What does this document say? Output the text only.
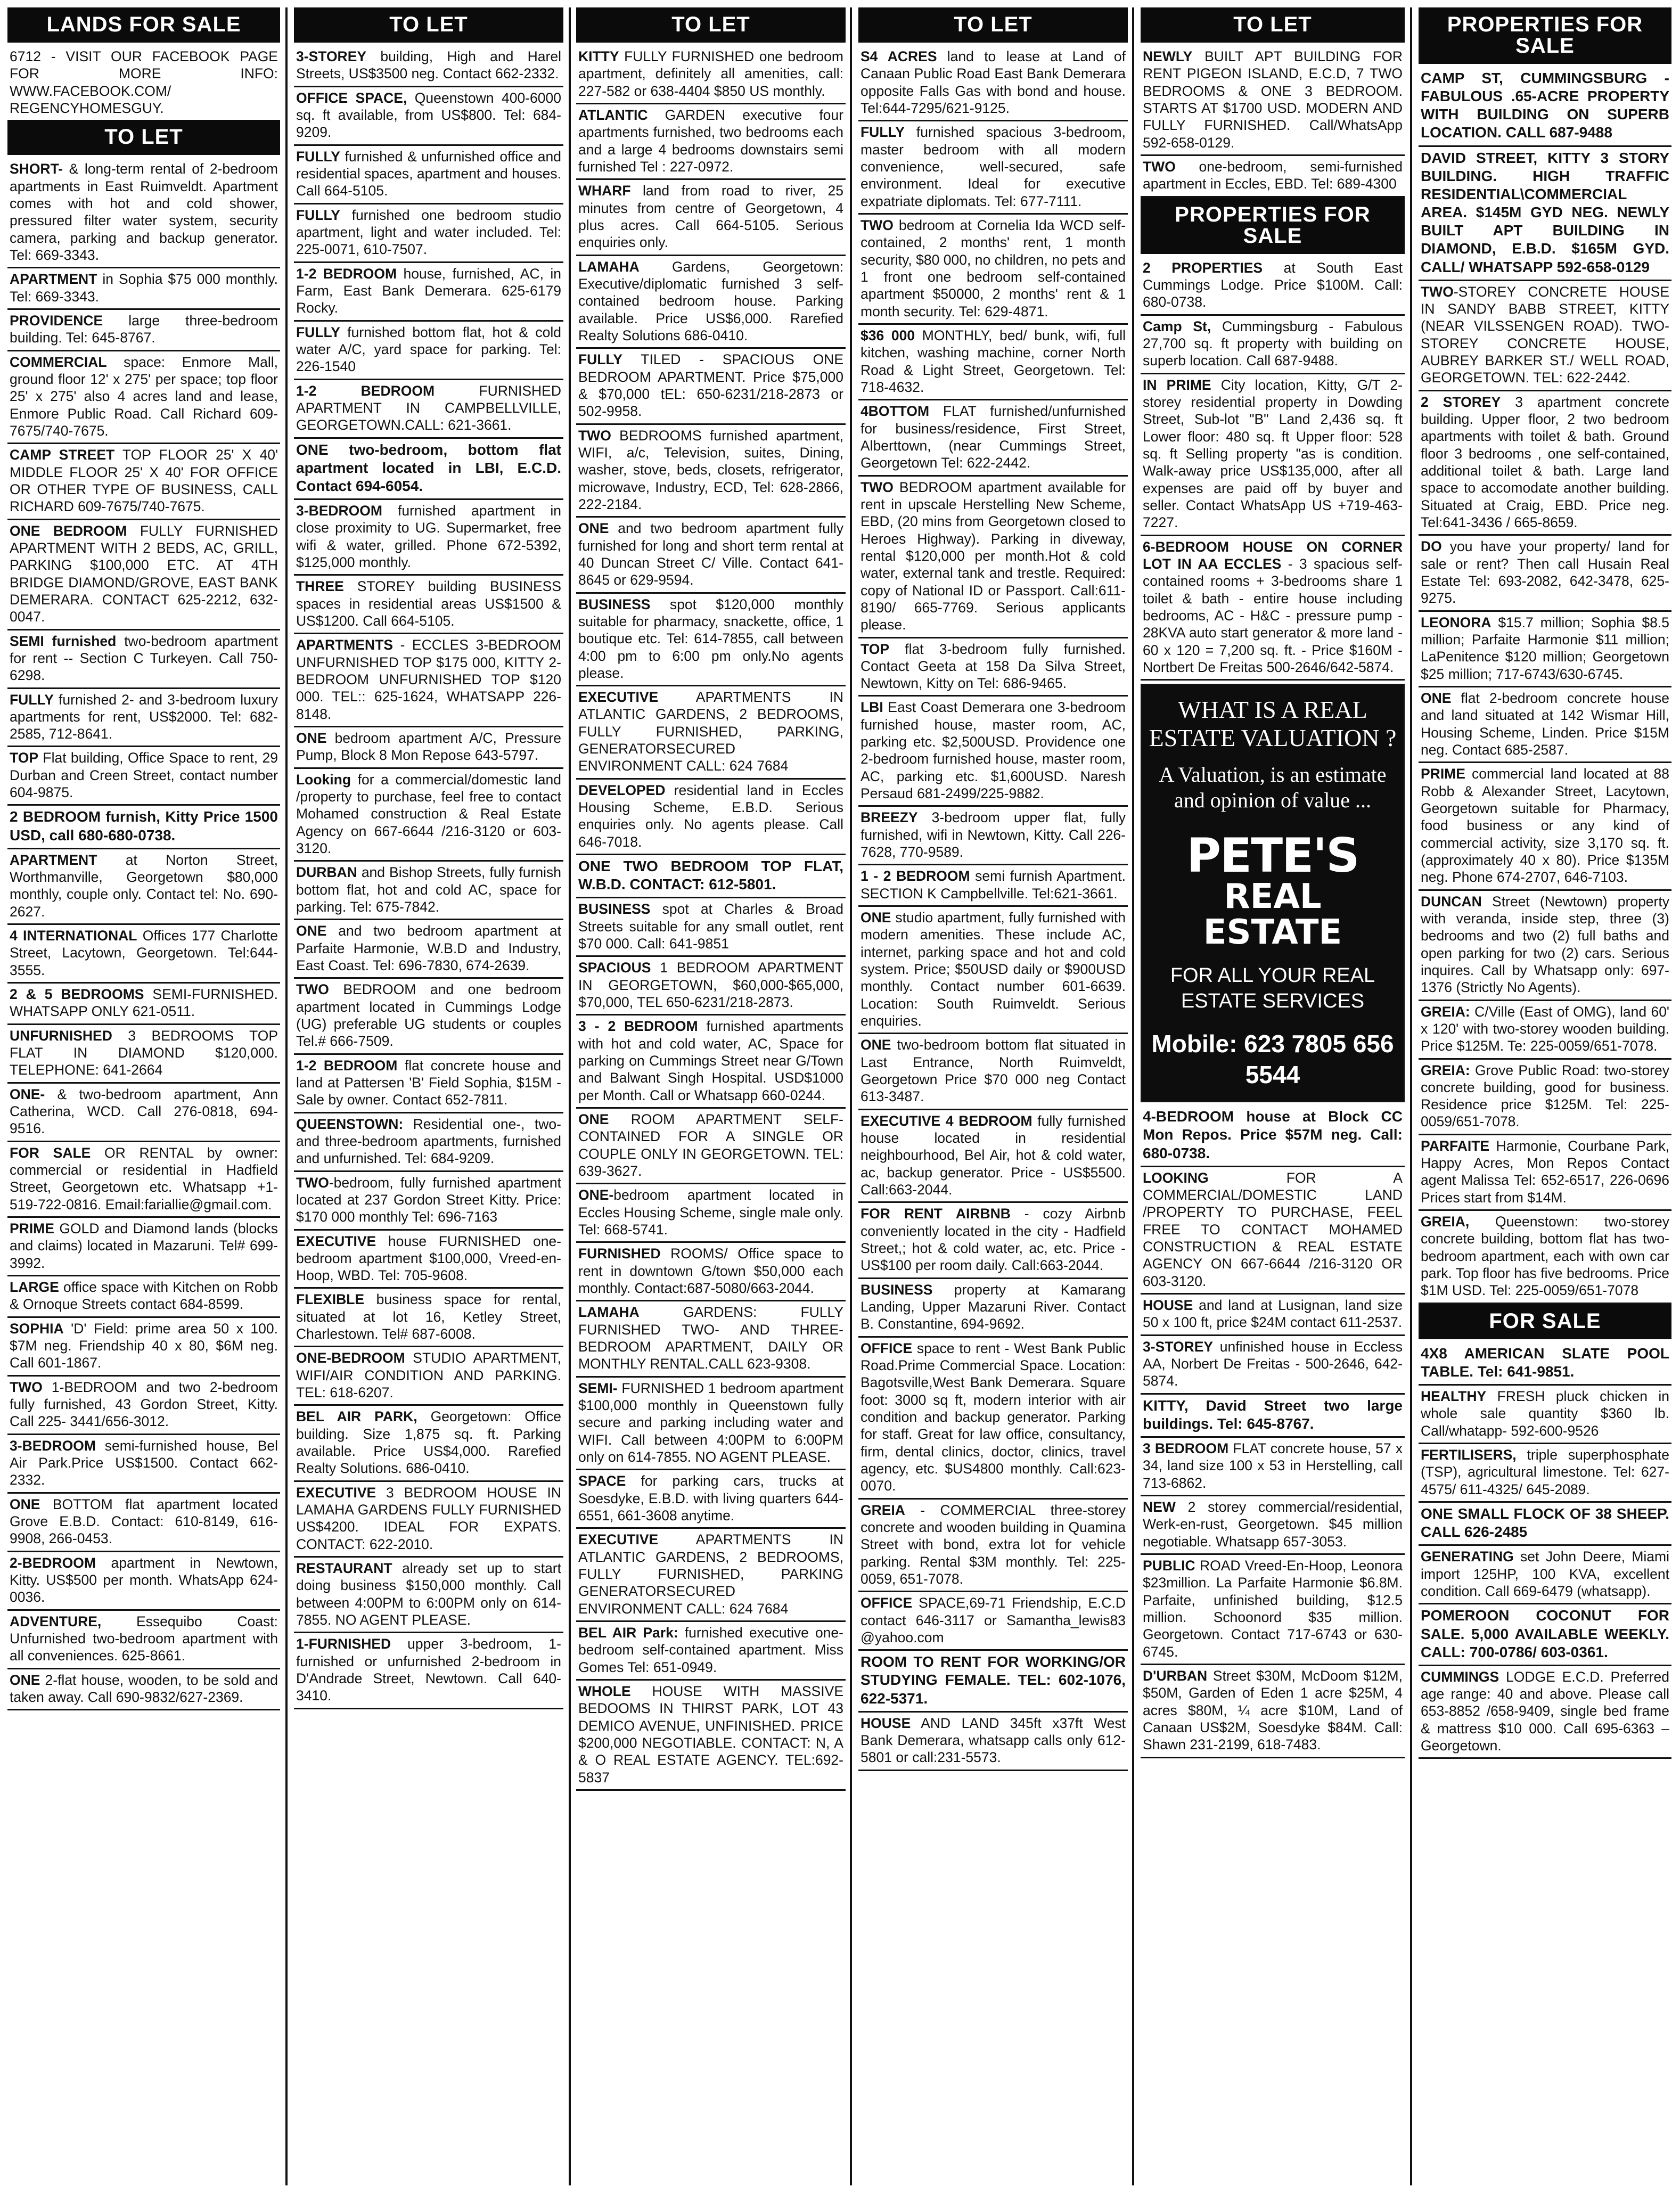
LANDS FOR SALE
6712 - VISIT OUR FACEBOOK PAGE FOR MORE INFO: WWW.FACEBOOK.COM/ REGENCYHOMESGUY.
TO LET
SHORT- & long-term rental of 2-bedroom apartments in East Ruimveldt. Apartment comes with hot and cold shower, pressured filter water system, security camera, parking and backup generator. Tel: 669-3343.
APARTMENT in Sophia $75 000 monthly. Tel: 669-3343.
PROVIDENCE large three-bedroom building. Tel: 645-8767.
COMMERCIAL space: Enmore Mall, ground floor 12' x 275' per space; top floor 25' x 275' also 4 acres land and lease, Enmore Public Road. Call Richard 609-7675/740-7675.
CAMP STREET TOP FLOOR 25' X 40' MIDDLE FLOOR 25' X 40' FOR OFFICE OR OTHER TYPE OF BUSINESS, CALL RICHARD 609-7675/740-7675.
ONE BEDROOM FULLY FURNISHED APARTMENT WITH 2 BEDS, AC, GRILL, PARKING $100,000 ETC. AT 4TH BRIDGE DIAMOND/GROVE, EAST BANK DEMERARA. CONTACT 625-2212, 632-0047.
SEMI furnished two-bedroom apartment for rent -- Section C Turkeyen. Call 750-6298.
FULLY furnished 2- and 3-bedroom luxury apartments for rent, US$2000. Tel: 682-2585, 712-8641.
TOP Flat building, Office Space to rent, 29 Durban and Creen Street, contact number 604-9875.
2 BEDROOM furnish, Kitty Price 1500 USD, call 680-680-0738.
APARTMENT at Norton Street, Worthmanville, Georgetown $80,000 monthly, couple only. Contact tel: No. 690-2627.
4 INTERNATIONAL Offices 177 Charlotte Street, Lacytown, Georgetown. Tel:644-3555.
2 & 5 BEDROOMS SEMI-FURNISHED. WHATSAPP ONLY 621-0511.
UNFURNISHED 3 BEDROOMS TOP FLAT IN DIAMOND $120,000. TELEPHONE: 641-2664
ONE- & two-bedroom apartment, Ann Catherina, WCD. Call 276-0818, 694-9516.
FOR SALE OR RENTAL by owner: commercial or residential in Hadfield Street, Georgetown etc. Whatsapp +1-519-722-0816. Email:fariallie@gmail.com.
PRIME GOLD and Diamond lands (blocks and claims) located in Mazaruni. Tel# 699-3992.
LARGE office space with Kitchen on Robb & Ornoque Streets contact 684-8599.
SOPHIA 'D' Field: prime area 50 x 100. $7M neg. Friendship 40 x 80, $6M neg. Call 601-1867.
TWO 1-BEDROOM and two 2-bedroom fully furnished, 43 Gordon Street, Kitty. Call 225- 3441/656-3012.
3-BEDROOM semi-furnished house, Bel Air Park.Price US$1500. Contact 662-2332.
ONE BOTTOM flat apartment located Grove E.B.D. Contact: 610-8149, 616-9908, 266-0453.
2-BEDROOM apartment in Newtown, Kitty. US$500 per month. WhatsApp 624-0036.
ADVENTURE, Essequibo Coast: Unfurnished two-bedroom apartment with all conveniences. 625-8661.
ONE 2-flat house, wooden, to be sold and taken away. Call 690-9832/627-2369.
TO LET
3-STOREY building, High and Harel Streets, US$3500 neg. Contact 662-2332.
OFFICE SPACE, Queenstown 400-6000 sq. ft available, from US$800. Tel: 684-9209.
FULLY furnished & unfurnished office and residential spaces, apartment and houses. Call 664-5105.
FULLY furnished one bedroom studio apartment, light and water included. Tel: 225-0071, 610-7507.
1-2 BEDROOM house, furnished, AC, in Farm, East Bank Demerara. 625-6179 Rocky.
FULLY furnished bottom flat, hot & cold water A/C, yard space for parking. Tel: 226-1540
1-2 BEDROOM FURNISHED APARTMENT IN CAMPBELLVILLE, GEORGETOWN.CALL: 621-3661.
ONE two-bedroom, bottom flat apartment located in LBI, E.C.D. Contact 694-6054.
3-BEDROOM furnished apartment in close proximity to UG. Supermarket, free wifi & water, grilled. Phone 672-5392, $125,000 monthly.
THREE STOREY building BUSINESS spaces in residential areas US$1500 & US$1200. Call 664-5105.
APARTMENTS - ECCLES 3-BEDROOM UNFURNISHED TOP $175 000, KITTY 2-BEDROOM UNFURNISHED TOP $120 000. TEL:: 625-1624, WHATSAPP 226-8148.
ONE bedroom apartment A/C, Pressure Pump, Block 8 Mon Repose 643-5797.
Looking for a commercial/domestic land /property to purchase, feel free to contact Mohamed construction & Real Estate Agency on 667-6644 /216-3120 or 603-3120.
DURBAN and Bishop Streets, fully furnish bottom flat, hot and cold AC, space for parking. Tel: 675-7842.
ONE and two bedroom apartment at Parfaite Harmonie, W.B.D and Industry, East Coast. Tel: 696-7830, 674-2639.
TWO BEDROOM and one bedroom apartment located in Cummings Lodge (UG) preferable UG students or couples Tel.# 666-7509.
1-2 BEDROOM flat concrete house and land at Pattersen 'B' Field Sophia, $15M - Sale by owner. Contact 652-7811.
QUEENSTOWN: Residential one-, two- and three-bedroom apartments, furnished and unfurnished. Tel: 684-9209.
TWO-bedroom, fully furnished apartment located at 237 Gordon Street Kitty. Price: $170 000 monthly Tel: 696-7163
EXECUTIVE house FURNISHED one-bedroom apartment $100,000, Vreed-en-Hoop, WBD. Tel: 705-9608.
FLEXIBLE business space for rental, situated at lot 16, Ketley Street, Charlestown. Tel# 687-6008.
ONE-BEDROOM STUDIO APARTMENT, WIFI/AIR CONDITION AND PARKING. TEL: 618-6207.
BEL AIR PARK, Georgetown: Office building. Size 1,875 sq. ft. Parking available. Price US$4,000. Rarefied Realty Solutions. 686-0410.
EXECUTIVE 3 BEDROOM HOUSE IN LAMAHA GARDENS FULLY FURNISHED US$4200. IDEAL FOR EXPATS. CONTACT: 622-2010.
RESTAURANT already set up to start doing business $150,000 monthly. Call between 4:00PM to 6:00PM only on 614-7855. NO AGENT PLEASE.
1-FURNISHED upper 3-bedroom, 1-furnished or unfurnished 2-bedroom in D'Andrade Street, Newtown. Call 640-3410.
TO LET
KITTY FULLY FURNISHED one bedroom apartment, definitely all amenities, call: 227-582 or 638-4404 $850 US monthly.
ATLANTIC GARDEN executive four apartments furnished, two bedrooms each and a large 4 bedrooms downstairs semi furnished Tel : 227-0972.
WHARF land from road to river, 25 minutes from centre of Georgetown, 4 plus acres. Call 664-5105. Serious enquiries only.
LAMAHA Gardens, Georgetown: Executive/diplomatic furnished 3 self-contained bedroom house. Parking available. Price US$6,000. Rarefied Realty Solutions 686-0410.
FULLY TILED - SPACIOUS ONE BEDROOM APARTMENT. Price $75,000 & $70,000 tEL: 650-6231/218-2873 or 502-9958.
TWO BEDROOMS furnished apartment, WIFI, a/c, Television, suites, Dining, washer, stove, beds, closets, refrigerator, microwave, Industry, ECD, Tel: 628-2866, 222-2184.
ONE and two bedroom apartment fully furnished for long and short term rental at 40 Duncan Street C/ Ville. Contact 641-8645 or 629-9594.
BUSINESS spot $120,000 monthly suitable for pharmacy, snackette, office, 1 boutique etc. Tel: 614-7855, call between 4:00 pm to 6:00 pm only.No agents please.
EXECUTIVE APARTMENTS IN ATLANTIC GARDENS, 2 BEDROOMS, FULLY FURNISHED, PARKING, GENERATORSECURED ENVIRONMENT CALL: 624 7684
DEVELOPED residential land in Eccles Housing Scheme, E.B.D. Serious enquiries only. No agents please. Call 646-7018.
ONE TWO BEDROOM TOP FLAT, W.B.D. CONTACT: 612-5801.
BUSINESS spot at Charles & Broad Streets suitable for any small outlet, rent $70 000. Call: 641-9851
SPACIOUS 1 BEDROOM APARTMENT IN GEORGETOWN, $60,000-$65,000, $70,000, TEL 650-6231/218-2873.
3 - 2 BEDROOM furnished apartments with hot and cold water, AC, Space for parking on Cummings Street near G/Town and Balwant Singh Hospital. USD$1000 per Month. Call or Whatsapp 660-0244.
ONE ROOM APARTMENT SELF-CONTAINED FOR A SINGLE OR COUPLE ONLY IN GEORGETOWN. TEL: 639-3627.
ONE-bedroom apartment located in Eccles Housing Scheme, single male only. Tel: 668-5741.
FURNISHED ROOMS/ Office space to rent in downtown G/town $50,000 each monthly. Contact:687-5080/663-2044.
LAMAHA GARDENS: FULLY FURNISHED TWO- AND THREE-BEDROOM APARTMENT, DAILY OR MONTHLY RENTAL.CALL 623-9308.
SEMI- FURNISHED 1 bedroom apartment $100,000 monthly in Queenstown fully secure and parking including water and WIFI. Call between 4:00PM to 6:00PM only on 614-7855. NO AGENT PLEASE.
SPACE for parking cars, trucks at Soesdyke, E.B.D. with living quarters 644-6551, 661-3608 anytime.
EXECUTIVE APARTMENTS IN ATLANTIC GARDENS, 2 BEDROOMS, FULLY FURNISHED, PARKING GENERATORSECURED ENVIRONMENT CALL: 624 7684
BEL AIR Park: furnished executive one-bedroom self-contained apartment. Miss Gomes Tel: 651-0949.
WHOLE HOUSE WITH MASSIVE BEDOOMS IN THIRST PARK, LOT 43 DEMICO AVENUE, UNFINISHED. PRICE $200,000 NEGOTIABLE. CONTACT: N, A & O REAL ESTATE AGENCY. TEL:692-5837
TO LET
S4 ACRES land to lease at Land of Canaan Public Road East Bank Demerara opposite Falls Gas with bond and house. Tel:644-7295/621-9125.
FULLY furnished spacious 3-bedroom, master bedroom with all modern convenience, well-secured, safe environment. Ideal for executive expatriate diplomats. Tel: 677-7111.
TWO bedroom at Cornelia Ida WCD self-contained, 2 months' rent, 1 month security, $80 000, no children, no pets and 1 front one bedroom self-contained apartment $50000, 2 months' rent & 1 month security. Tel: 629-4871.
$36 000 MONTHLY, bed/ bunk, wifi, full kitchen, washing machine, corner North Road & Light Street, Georgetown. Tel: 718-4632.
4BOTTOM FLAT furnished/unfurnished for business/residence, First Street, Alberttown, (near Cummings Street, Georgetown Tel: 622-2442.
TWO BEDROOM apartment available for rent in upscale Herstelling New Scheme, EBD, (20 mins from Georgetown closed to Heroes Highway). Parking in diveway, rental $120,000 per month.Hot & cold water, external tank and trestle. Required: copy of National ID or Passport. Call:611-8190/ 665-7769. Serious applicants please.
TOP flat 3-bedroom fully furnished. Contact Geeta at 158 Da Silva Street, Newtown, Kitty on Tel: 686-9465.
LBI East Coast Demerara one 3-bedroom furnished house, master room, AC, parking etc. $2,500USD. Providence one 2-bedroom furnished house, master room, AC, parking etc. $1,600USD. Naresh Persaud 681-2499/225-9882.
BREEZY 3-bedroom upper flat, fully furnished, wifi in Newtown, Kitty. Call 226-7628, 770-9589.
1 - 2 BEDROOM semi furnish Apartment. SECTION K Campbellville. Tel:621-3661.
ONE studio apartment, fully furnished with modern amenities. These include AC, internet, parking space and hot and cold system. Price; $50USD daily or $900USD monthly. Contact number 601-6639. Location: South Ruimveldt. Serious enquiries.
ONE two-bedroom bottom flat situated in Last Entrance, North Ruimveldt, Georgetown Price $70 000 neg Contact 613-3487.
EXECUTIVE 4 BEDROOM fully furnished house located in residential neighbourhood, Bel Air, hot & cold water, ac, backup generator. Price - US$5500. Call:663-2044.
FOR RENT AIRBNB - cozy Airbnb conveniently located in the city - Hadfield Street,; hot & cold water, ac, etc. Price - US$100 per room daily. Call:663-2044.
BUSINESS property at Kamarang Landing, Upper Mazaruni River. Contact B. Constantine, 694-9692.
OFFICE space to rent - West Bank Public Road.Prime Commercial Space. Location: Bagotsville,West Bank Demerara. Square foot: 3000 sq ft, modern interior with air condition and backup generator. Parking for staff. Great for law office, consultancy, firm, dental clinics, doctor, clinics, travel agency, etc. $US4800 monthly. Call:623-0070.
GREIA - COMMERCIAL three-storey concrete and wooden building in Quamina Street with bond, extra lot for vehicle parking. Rental $3M monthly. Tel: 225-0059, 651-7078.
OFFICE SPACE,69-71 Friendship, E.C.D contact 646-3117 or Samantha_lewis83 @yahoo.com
ROOM TO RENT FOR WORKING/OR STUDYING FEMALE. TEL: 602-1076, 622-5371.
HOUSE AND LAND 345ft x37ft West Bank Demerara, whatsapp calls only 612-5801 or call:231-5573.
TO LET
NEWLY BUILT APT BUILDING FOR RENT PIGEON ISLAND, E.C.D, 7 TWO BEDROOMS & ONE 3 BEDROOM. STARTS AT $1700 USD. MODERN AND FULLY FURNISHED. Call/WhatsApp 592-658-0129.
TWO one-bedroom, semi-furnished apartment in Eccles, EBD. Tel: 689-4300
PROPERTIES FOR SALE
2 PROPERTIES at South East Cummings Lodge. Price $100M. Call: 680-0738.
Camp St, Cummingsburg - Fabulous 27,700 sq. ft property with building on superb location. Call 687-9488.
IN PRIME City location, Kitty, G/T 2-storey residential property in Dowding Street, Sub-lot "B" Land 2,436 sq. ft Lower floor: 480 sq. ft Upper floor: 528 sq. ft Selling property "as is condition. Walk-away price US$135,000, after all expenses are paid off by buyer and seller. Contact WhatsApp US +719-463-7227.
6-BEDROOM HOUSE ON CORNER LOT IN AA ECCLES - 3 spacious self-contained rooms + 3-bedrooms share 1 toilet & bath - entire house including bedrooms, AC - H&C - pressure pump - 28KVA auto start generator & more land - 60 x 120 = 7,200 sq. ft. - Price $160M - Nortbert De Freitas 500-2646/642-5874.
WHAT IS A REAL ESTATE VALUATION ?
A Valuation, is an estimate and opinion of value ...
PETE'S
REAL ESTATE
FOR ALL YOUR REAL ESTATE SERVICES
Mobile: 623 7805 656 5544
4-BEDROOM house at Block CC Mon Repos. Price $57M neg. Call: 680-0738.
LOOKING FOR A COMMERCIAL/DOMESTIC LAND /PROPERTY TO PURCHASE, FEEL FREE TO CONTACT MOHAMED CONSTRUCTION & REAL ESTATE AGENCY ON 667-6644 /216-3120 OR 603-3120.
HOUSE and land at Lusignan, land size 50 x 100 ft, price $24M contact 611-2537.
3-STOREY unfinished house in Eccless AA, Norbert De Freitas - 500-2646, 642-5874.
KITTY, David Street two large buildings. Tel: 645-8767.
3 BEDROOM FLAT concrete house, 57 x 34, land size 100 x 53 in Herstelling, call 713-6862.
NEW 2 storey commercial/residential, Werk-en-rust, Georgetown. $45 million negotiable. Whatsapp 657-3053.
PUBLIC ROAD Vreed-En-Hoop, Leonora $23million. La Parfaite Harmonie $6.8M. Parfaite, unfinished building, $12.5 million. Schoonord $35 million. Georgetown. Contact 717-6743 or 630-6745.
D'URBAN Street $30M, McDoom $12M, $50M, Garden of Eden 1 acre $25M, 4 acres $80M, ¼ acre $10M, Land of Canaan US$2M, Soesdyke $84M. Call: Shawn 231-2199, 618-7483.
PROPERTIES FOR SALE
CAMP ST, CUMMINGSBURG - FABULOUS .65-ACRE PROPERTY WITH BUILDING ON SUPERB LOCATION. CALL 687-9488
DAVID STREET, KITTY 3 STORY BUILDING. HIGH TRAFFIC RESIDENTIAL\COMMERCIAL AREA. $145M GYD NEG. NEWLY BUILT APT BUILDING IN DIAMOND, E.B.D. $165M GYD. CALL/ WHATSAPP 592-658-0129
TWO-STOREY CONCRETE HOUSE IN SANDY BABB STREET, KITTY (NEAR VILSSENGEN ROAD). TWO-STOREY CONCRETE HOUSE, AUBREY BARKER ST./ WELL ROAD, GEORGETOWN. TEL: 622-2442.
2 STOREY 3 apartment concrete building. Upper floor, 2 two bedroom apartments with toilet & bath. Ground floor 3 bedrooms , one self-contained, additional toilet & bath. Large land space to accomodate another building. Situated at Craig, EBD. Price neg. Tel:641-3436 / 665-8659.
DO you have your property/ land for sale or rent? Then call Husain Real Estate Tel: 693-2082, 642-3478, 625-9275.
LEONORA $15.7 million; Sophia $8.5 million; Parfaite Harmonie $11 million; LaPenitence $120 million; Georgetown $25 million; 717-6743/630-6745.
ONE flat 2-bedroom concrete house and land situated at 142 Wismar Hill, Housing Scheme, Linden. Price $15M neg. Contact 685-2587.
PRIME commercial land located at 88 Robb & Alexander Street, Lacytown, Georgetown suitable for Pharmacy, food business or any kind of commercial activity, size 3,170 sq. ft. (approximately 40 x 80). Price $135M neg. Phone 674-2707, 646-7103.
DUNCAN Street (Newtown) property with veranda, inside step, three (3) bedrooms and two (2) full baths and open parking for two (2) cars. Serious inquires. Call by Whatsapp only: 697-1376 (Strictly No Agents).
GREIA: C/Ville (East of OMG), land 60' x 120' with two-storey wooden building. Price $125M. Te: 225-0059/651-7078.
GREIA: Grove Public Road: two-storey concrete building, good for business. Residence price $125M. Tel: 225-0059/651-7078.
PARFAITE Harmonie, Courbane Park, Happy Acres, Mon Repos Contact agent Malissa Tel: 652-6517, 226-0696 Prices start from $14M.
GREIA, Queenstown: two-storey concrete building, bottom flat has two-bedroom apartment, each with own car park. Top floor has five bedrooms. Price $1M USD. Tel: 225-0059/651-7078
FOR SALE
4X8 AMERICAN SLATE POOL TABLE. Tel: 641-9851.
HEALTHY FRESH pluck chicken in whole sale quantity $360 lb. Call/whatapp- 592-600-9526
FERTILISERS, triple superphosphate (TSP), agricultural limestone. Tel: 627-4575/ 611-4325/ 645-2089.
ONE SMALL FLOCK OF 38 SHEEP. CALL 626-2485
GENERATING set John Deere, Miami import 125HP, 100 KVA, excellent condition. Call 669-6479 (whatsapp).
POMEROON COCONUT FOR SALE. 5,000 AVAILABLE WEEKLY. CALL: 700-0786/ 603-0361.
CUMMINGS LODGE E.C.D. Preferred age range: 40 and above. Please call 653-8852 /658-9409, single bed frame & mattress $10 000. Call 695-6363 – Georgetown.
